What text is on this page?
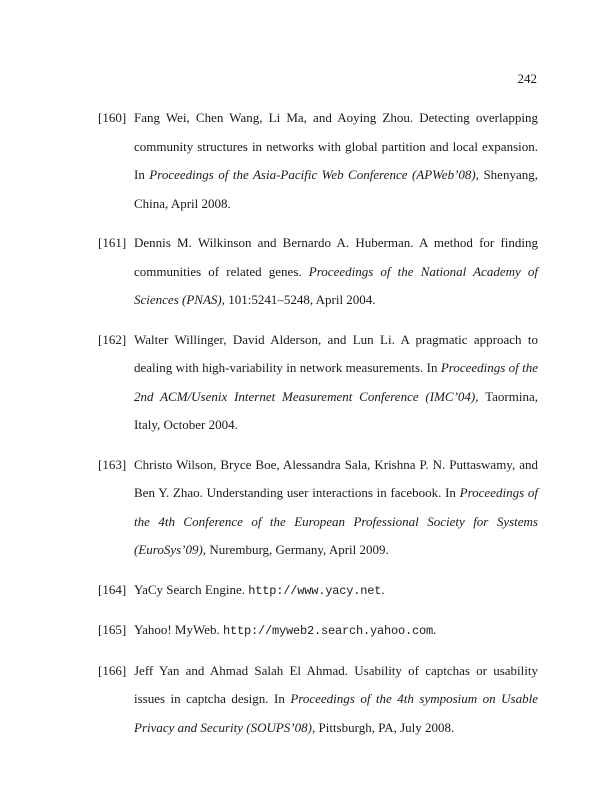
242
[160] Fang Wei, Chen Wang, Li Ma, and Aoying Zhou. Detecting overlapping community structures in networks with global partition and local expansion. In Proceedings of the Asia-Pacific Web Conference (APWeb’08), Shenyang, China, April 2008.
[161] Dennis M. Wilkinson and Bernardo A. Huberman. A method for finding communities of related genes. Proceedings of the National Academy of Sciences (PNAS), 101:5241–5248, April 2004.
[162] Walter Willinger, David Alderson, and Lun Li. A pragmatic approach to dealing with high-variability in network measurements. In Proceedings of the 2nd ACM/Usenix Internet Measurement Conference (IMC’04), Taormina, Italy, October 2004.
[163] Christo Wilson, Bryce Boe, Alessandra Sala, Krishna P. N. Puttaswamy, and Ben Y. Zhao. Understanding user interactions in facebook. In Proceedings of the 4th Conference of the European Professional Society for Systems (EuroSys’09), Nuremburg, Germany, April 2009.
[164] YaCy Search Engine. http://www.yacy.net.
[165] Yahoo! MyWeb. http://myweb2.search.yahoo.com.
[166] Jeff Yan and Ahmad Salah El Ahmad. Usability of captchas or usability issues in captcha design. In Proceedings of the 4th symposium on Usable Privacy and Security (SOUPS’08), Pittsburgh, PA, July 2008.
